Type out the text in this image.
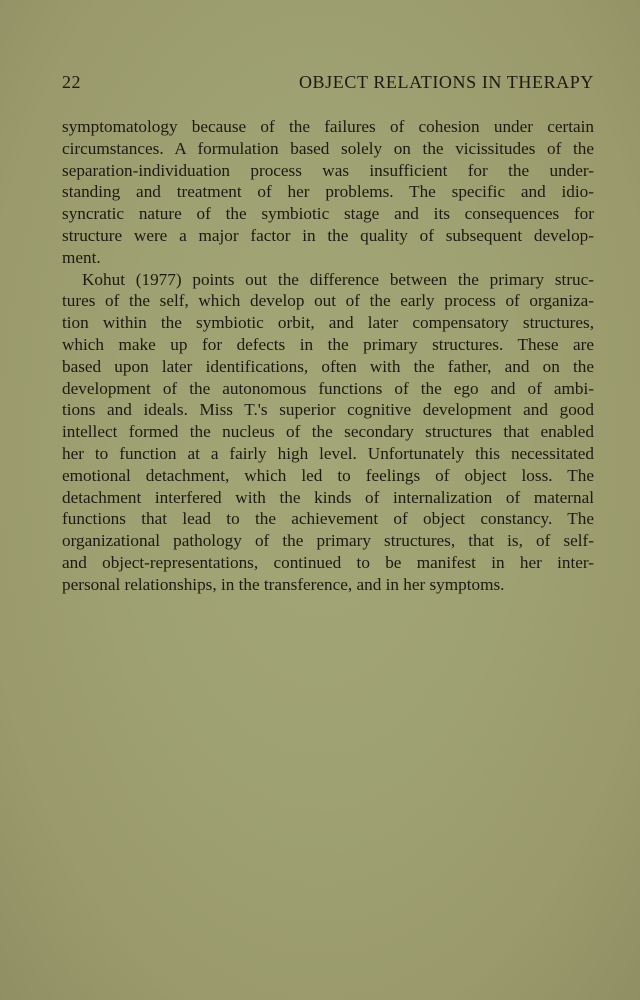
22	OBJECT RELATIONS IN THERAPY

symptomatology because of the failures of cohesion under certain
circumstances. A formulation based solely on the vicissitudes of the
separation-individuation process was insufficient for the under-
standing and treatment of her problems. The specific and idio-
syncratic nature of the symbiotic stage and its consequences for
structure were a major factor in the quality of subsequent develop-
ment.

Kohut (1977) points out the difference between the primary struc-
tures of the self, which develop out of the early process of organiza-
tion within the symbiotic orbit, and later compensatory structures,
which make up for defects in the primary structures. These are
based upon later identifications, often with the father, and on the
development of the autonomous functions of the ego and of ambi-
tions and ideals. Miss T.'s superior cognitive development and good
intellect formed the nucleus of the secondary structures that enabled
her to function at a fairly high level. Unfortunately this necessitated
emotional detachment, which led to feelings of object loss. The
detachment interfered with the kinds of internalization of maternal
functions that lead to the achievement of object constancy. The
organizational pathology of the primary structures, that is, of self-
and object-representations, continued to be manifest in her inter-
personal relationships, in the transference, and in her symptoms.
